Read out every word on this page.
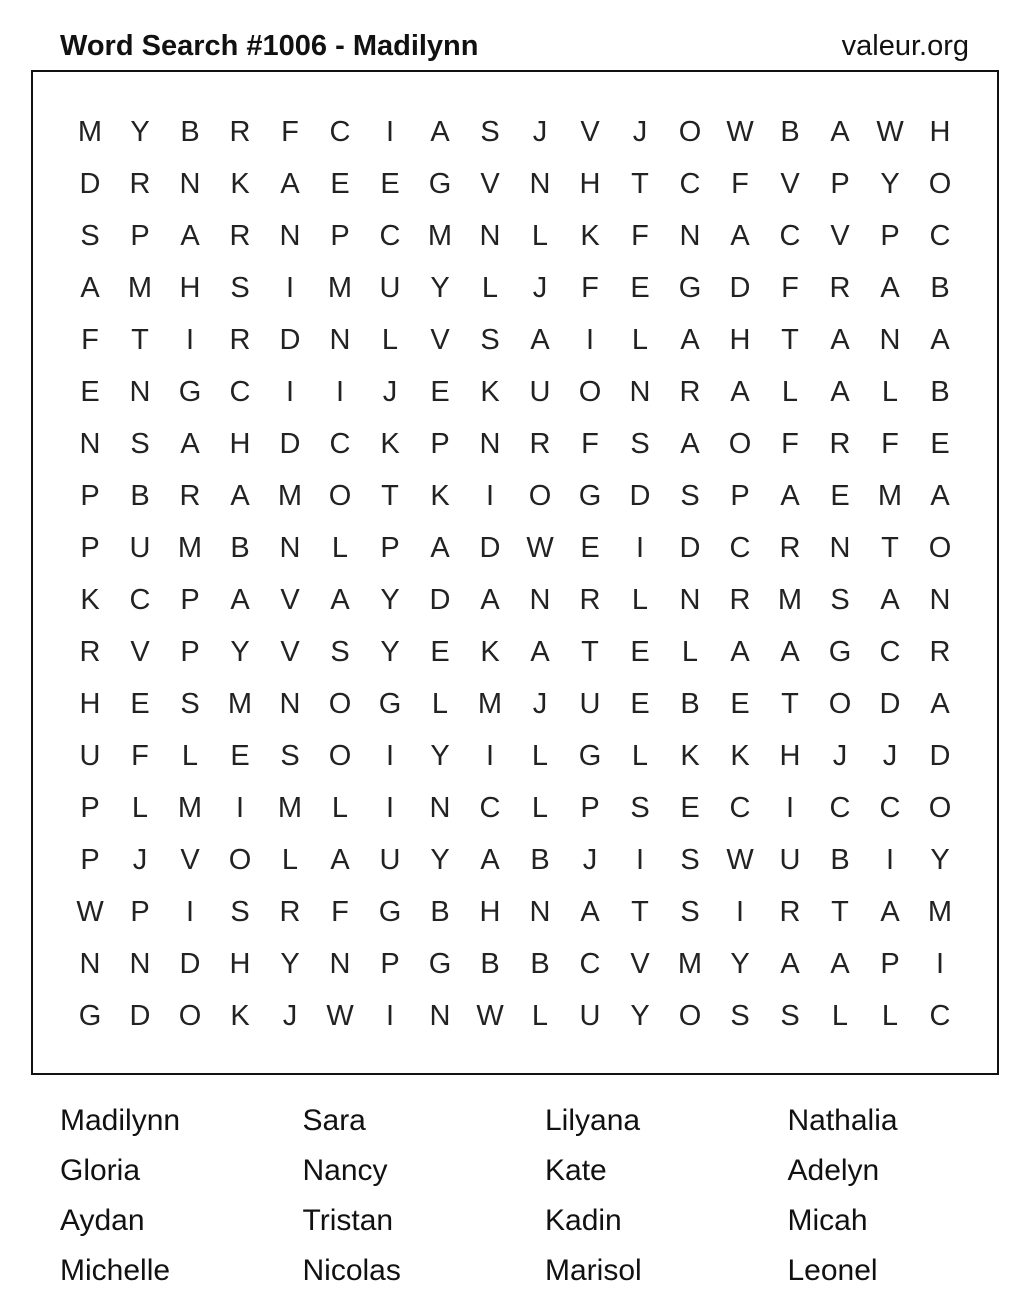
Word Search #1006 - Madilynn	valeur.org
M Y	B	R	F	C	I	A	S	J	V	J	O W B	A W H
D	R	N	K	A	E	E	G	V	N	H	T	C	F	V	P	Y	O
S	P	A	R	N	P	C M N	L	K	F	N	A	C	V	P	C
A M H	S	I	M U	Y	L	J	F	E	G D	F	R	A	B
F	T	I	R	D	N	L	V	S	A	I	L	A	H	T	A	N	A
E	N G C	I	I	J	E	K	U O N	R	A	L	A	L	B
N	S	A	H	D	C	K	P	N	R	F	S	A	O	F	R	F	E
P	B	R	A M O	T	K	I	O G D	S	P	A	E M A
P	U M B	N	L	P	A	D W E	I	D	C	R	N	T	O
K	C	P	A	V	A	Y	D	A	N	R	L	N	R M S	A	N
R	V	P	Y	V	S	Y	E	K	A	T	E	L	A	A	G C	R
H	E	S M N O G	L	M	J	U	E	B	E	T	O D	A
U	F	L	E	S	O	I	Y	I	L	G	L	K	K	H	J	J	D
P	L	M	I	M	L	I	N	C	L	P	S	E	C	I	C	C O
P	J	V	O	L	A	U	Y	A	B	J	I	S W U	B	I	Y
W P	I	S	R	F	G	B	H	N	A	T	S	I	R	T	A M
N	N	D	H	Y	N	P	G	B	B	C	V M Y	A	A	P	I
G D O	K	J	W	I	N W L	U	Y	O	S	S	L	L	C
Madilynn	Sara	Lilyana	Nathalia
Gloria	Nancy	Kate	Adelyn
Aydan	Tristan	Kadin	Micah
Michelle	Nicolas	Marisol	Leonel
